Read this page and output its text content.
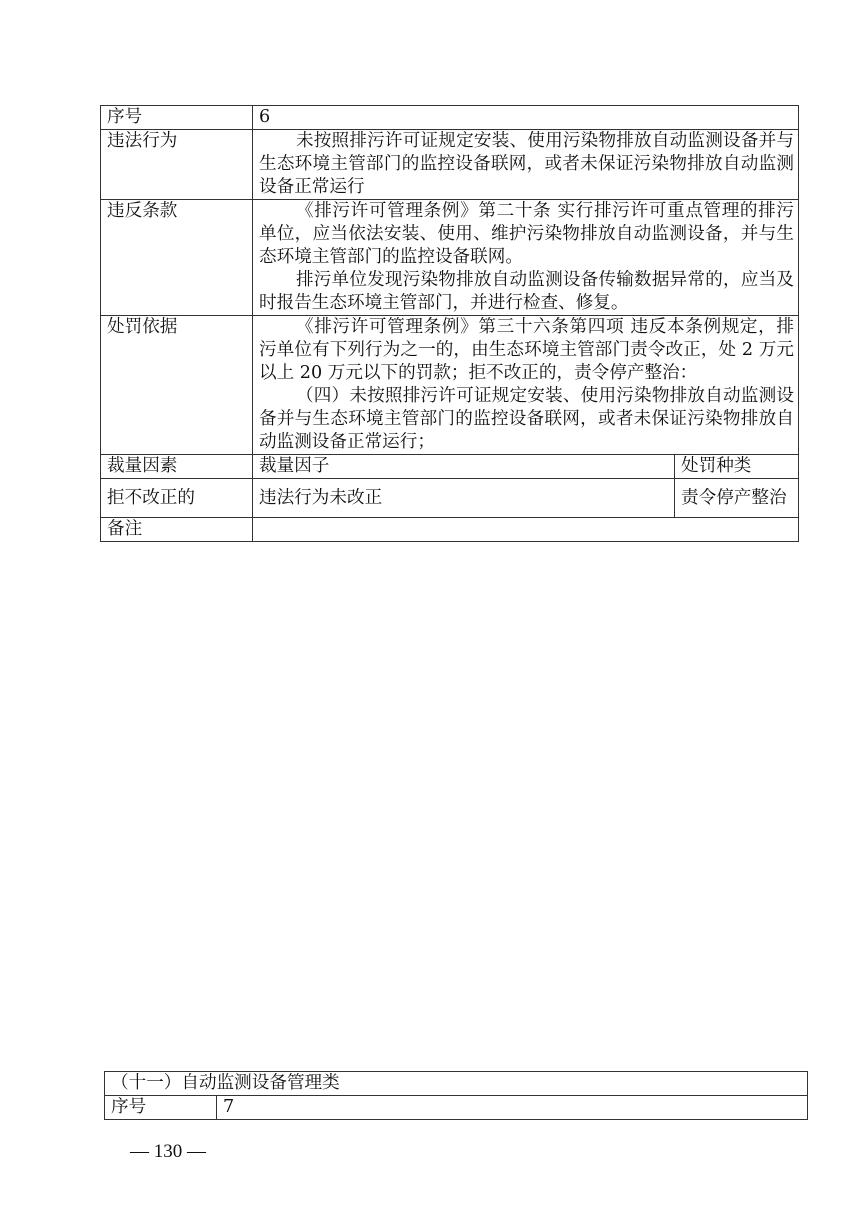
序号	6	
违法行为	未按照排污许可证规定安装、使用污染物排放自动监测设备并与生态环境主管部门的监控设备联网，或者未保证污染物排放自动监测设备正常运行	

违反条款	《排污许可管理条例》第二十条 实行排污许可重点管理的排污单位，应当依法安装、使用、维护污染物排放自动监测设备，并与生态环境主管部门的监控设备联网。

排污单位发现污染物排放自动监测设备传输数据异常的，应当及时报告生态环境主管部门，并进行检查、修复。	

处罚依据	《排污许可管理条例》第三十六条第四项 违反本条例规定，排污单位有下列行为之一的，由生态环境主管部门责令改正，处 2 万元以上 20 万元以下的罚款；拒不改正的，责令停产整治：

（四）未按照排污许可证规定安装、使用污染物排放自动监测设备并与生态环境主管部门的监控设备联网，或者未保证污染物排放自动监测设备正常运行；	

裁量因素	裁量因子	处罚种类
拒不改正的	违法行为未改正	责令停产整治
备注		
（十一）自动监测设备管理类
序号	7
— 130 —
